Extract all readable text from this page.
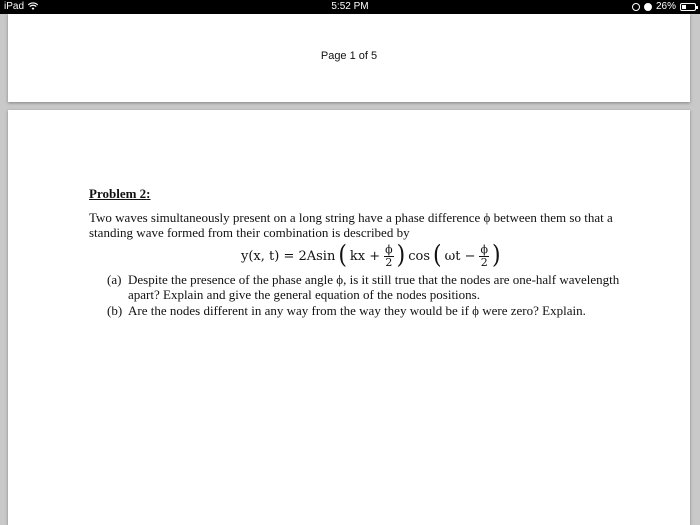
iPad	5:52 PM	26%
Page 1 of 5
Problem 2:

Two waves simultaneously present on a long string have a phase difference ϕ between them so that a standing wave formed from their combination is described by

y(x, t) = 2Asin ( kx + $\frac{\phi}{2}$ ) cos ( $\omega t - \frac{\phi}{2}$ )
(a) Despite the presence of the phase angle ϕ, is it still true that the nodes are one-half wavelength apart? Explain and give the general equation of the nodes positions.
(b) Are the nodes different in any way from the way they would be if ϕ were zero? Explain.
